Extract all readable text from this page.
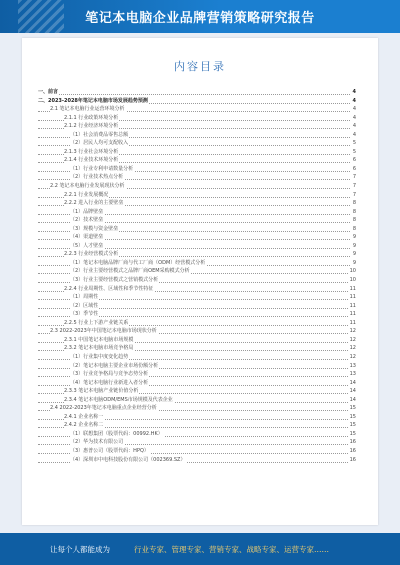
笔记本电脑企业品牌营销策略研究报告
内容目录
一、前言	4
二、2023-2028年笔记本电脑市场发展趋势预测	4
2.1 笔记本电脑行业运营环境分析	4
2.1.1 行业政策环境分析	4
2.1.2 行业经济环境分析	4
（1）社会消费品零售总额	4
（2）居民人均可支配收入	5
2.1.3 行业社会环境分析	5
2.1.4 行业技术环境分析	6
（1）行业专利申请数量分析	6
（2）行业技术热点分析	7
2.2 笔记本电脑行业发展现状分析	7
2.2.1 行业发展概况	7
2.2.2 进入行业的主要壁垒	8
（1）品牌壁垒	8
（2）技术壁垒	8
（3）规模与资金壁垒	8
（4）渠道壁垒	9
（5）人才壁垒	9
2.2.3 行业经营模式分析	9
（1）笔记本电脑品牌厂商与代工厂商（ODM）经营模式分析	9
（2）行业主要经营模式之品牌厂商OEM采购模式分析	10
（3）行业主要经营模式之营销模式分析	10
2.2.4 行业周期性、区域性和季节性特征	11
（1）周期性	11
（2）区域性	11
（3）季节性	11
2.2.5 行业上下游产业链关系	11
2.3 2022-2023年中国笔记本电脑市场现状分析	12
2.3.1 中国笔记本电脑市场规模	12
2.3.2 笔记本电脑市场竞争格局	12
（1）行业集中度变化趋势	12
（2）笔记本电脑主要企业市场份额分析	13
（3）行业竞争格局与竞争态势分析	13
（4）笔记本电脑行业新进入者分析	14
2.3.3 笔记本电脑产业链价值分析	14
2.3.4 笔记本电脑ODM/EMS市场规模及代表企业	14
2.4 2022-2023年笔记本电脑重点企业经营分析	15
2.4.1 企业名称一	15
2.4.2 企业名称二	15
（1）联想集团（股票代码：00992.HK）	15
（2）华为技术有限公司	16
（3）惠普公司（股票代码：HPQ）	16
（4）深圳市中电科技股份有限公司（002369.SZ）	16
让每个人都能成为	行业专家、管理专家、营销专家、战略专家、运营专家……
